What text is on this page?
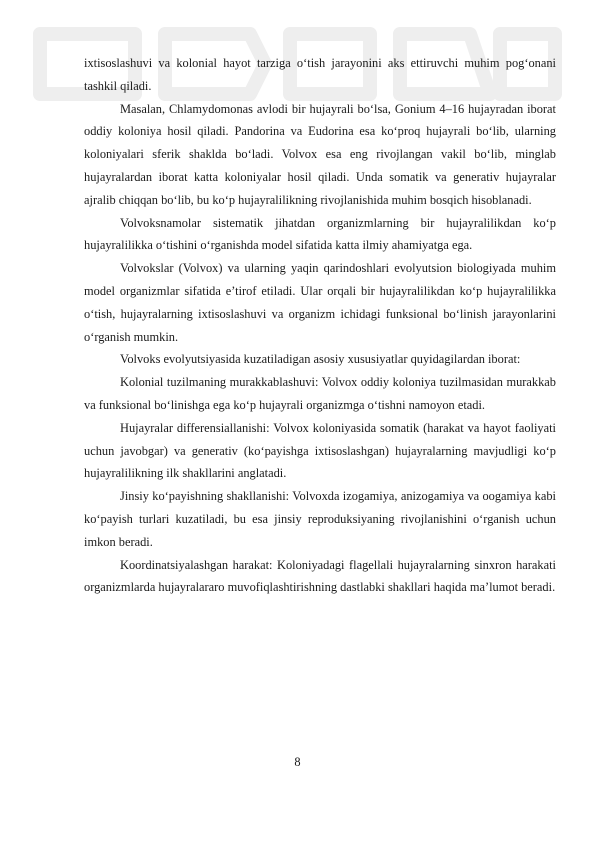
ixtisoslashuvi va kolonial hayot tarziga o‘tish jarayonini aks ettiruvchi muhim pog‘onani tashkil qiladi.

Masalan, Chlamydomonas avlodi bir hujayrali bo‘lsa, Gonium 4–16 hujayradan iborat oddiy koloniya hosil qiladi. Pandorina va Eudorina esa ko‘proq hujayrali bo‘lib, ularning koloniyalari sferik shaklda bo‘ladi. Volvox esa eng rivojlangan vakil bo‘lib, minglab hujayralardan iborat katta koloniyalar hosil qiladi. Unda somatik va generativ hujayralar ajralib chiqqan bo‘lib, bu ko‘p hujayralilikning rivojlanishida muhim bosqich hisoblanadi.

Volvoksnamolar sistematik jihatdan organizmlarning bir hujayralilikdan ko‘p hujayralilikka o‘tishini o‘rganishda model sifatida katta ilmiy ahamiyatga ega.

Volvokslar (Volvox) va ularning yaqin qarindoshlari evolyutsion biologiyada muhim model organizmlar sifatida e’tirof etiladi. Ular orqali bir hujayralilikdan ko‘p hujayralilikka o‘tish, hujayralarning ixtisoslashuvi va organizm ichidagi funksional bo‘linish jarayonlarini o‘rganish mumkin.

Volvoks evolyutsiyasida kuzatiladigan asosiy xususiyatlar quyidagilardan iborat:

Kolonial tuzilmaning murakkablashuvi: Volvox oddiy koloniya tuzilmasidan murakkab va funksional bo‘linishga ega ko‘p hujayrali organizmga o‘tishni namoyon etadi.

Hujayralar differensiallanishi: Volvox koloniyasida somatik (harakat va hayot faoliyati uchun javobgar) va generativ (ko‘payishga ixtisoslashgan) hujayralarning mavjudligi ko‘p hujayralilikning ilk shakllarini anglatadi.

Jinsiy ko‘payishning shakllanishi: Volvoxda izogamiya, anizogamiya va oogamiya kabi ko‘payish turlari kuzatiladi, bu esa jinsiy reproduksiyaning rivojlanishini o‘rganish uchun imkon beradi.

Koordinatsiyalashgan harakat: Koloniyadagi flagellali hujayralarning sinxron harakati organizmlarda hujayralararo muvofiqlashtirishning dastlabki shakllari haqida ma’lumot beradi.

8
